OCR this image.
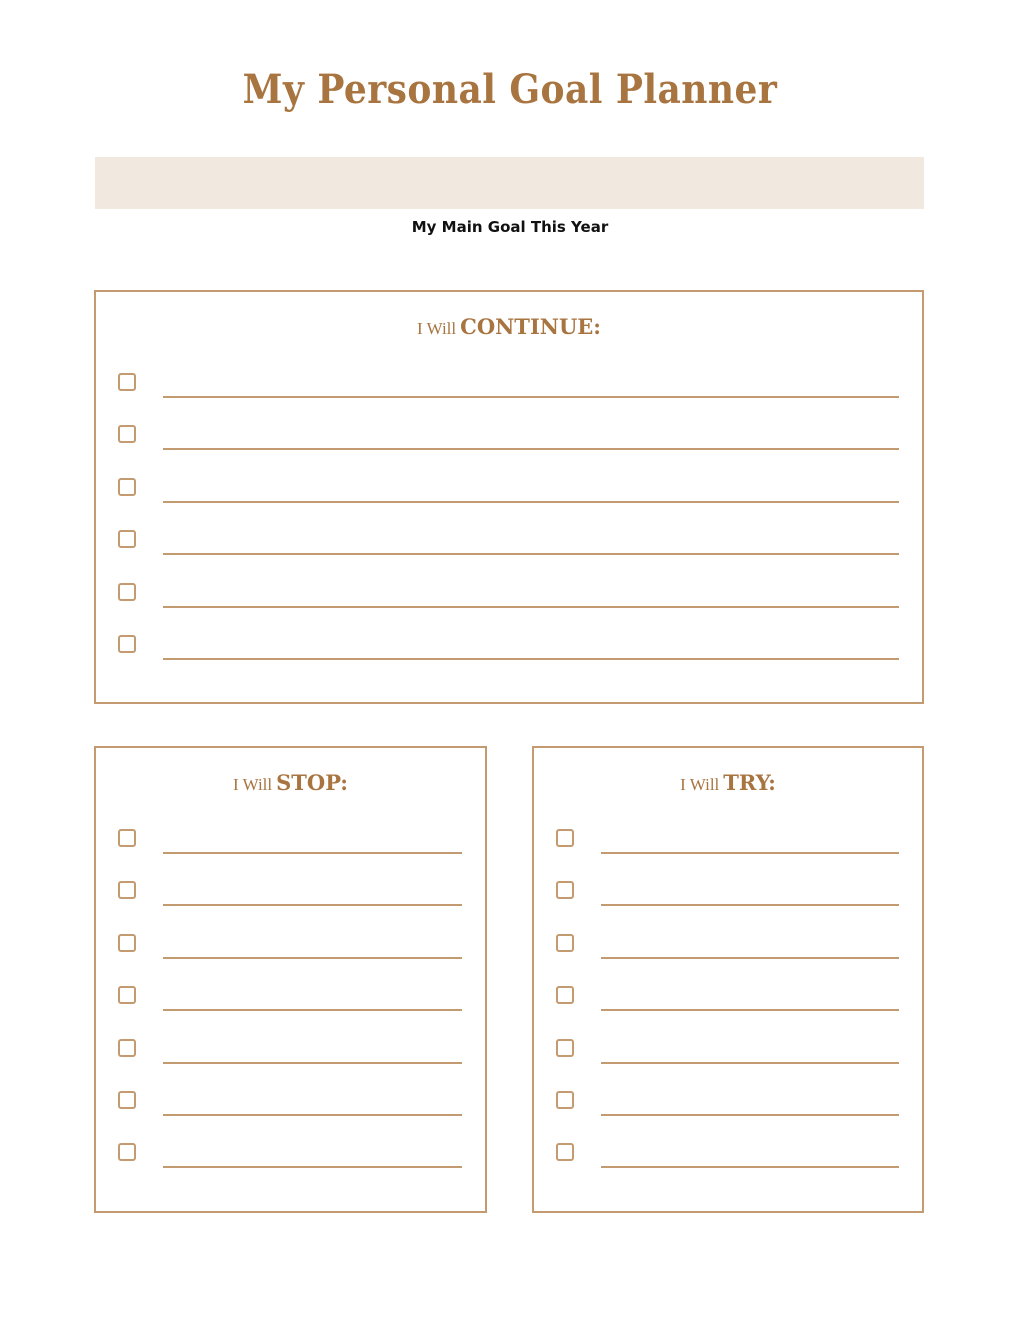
My Personal Goal Planner
My Main Goal This Year
I Will CONTINUE:
I Will STOP:	I Will TRY:
